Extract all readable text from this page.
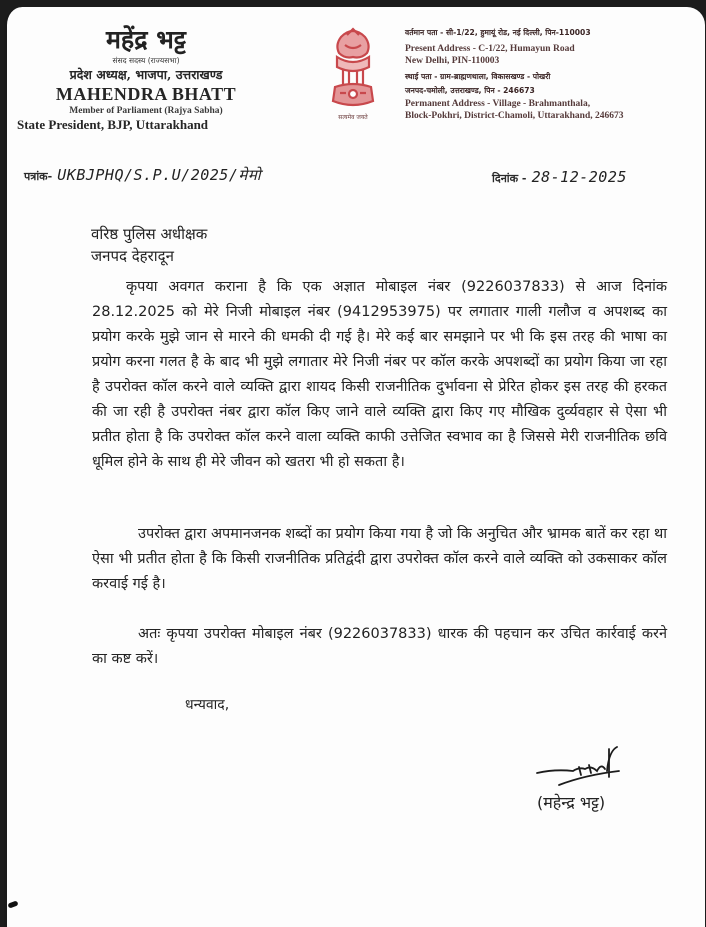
महेंद्र भट्ट
संसद सदस्य (राज्यसभा)
प्रदेश अध्यक्ष, भाजपा, उत्तराखण्ड
MAHENDRA BHATT
Member of Parliament (Rajya Sabha)
State President, BJP, Uttarakhand	सत्यमेव जयते
वर्तमान पता - सी-1/22, हुमायूं रोड, नई दिल्ली, पिन-110003
Present Address - C-1/22, Humayun Road
New Delhi, PIN-110003
स्थाई पता - ग्राम-ब्राह्मणथाला, विकासखण्ड - पोखरी
जनपद-चमोली, उत्तराखण्ड, पिन - 246673
Permanent Address - Village - Brahmanthala,
Block-Pokhri, District-Chamoli, Uttarakhand, 246673
पत्रांक- UKBJPHQ/S.P.U/2025/मेमो	दिनांक - 28-12-2025
वरिष्ठ पुलिस अधीक्षक
जनपद देहरादून

कृपया अवगत कराना है कि एक अज्ञात मोबाइल नंबर (9226037833) से आज दिनांक 28.12.2025 को मेरे निजी मोबाइल नंबर (9412953975) पर लगातार गाली गलौज व अपशब्द का प्रयोग करके मुझे जान से मारने की धमकी दी गई है। मेरे कई बार समझाने पर भी कि इस तरह की भाषा का प्रयोग करना गलत है के बाद भी मुझे लगातार मेरे निजी नंबर पर कॉल करके अपशब्दों का प्रयोग किया जा रहा है उपरोक्त कॉल करने वाले व्यक्ति द्वारा शायद किसी राजनीतिक दुर्भावना से प्रेरित होकर इस तरह की हरकत की जा रही है उपरोक्त नंबर द्वारा कॉल किए जाने वाले व्यक्ति द्वारा किए गए मौखिक दुर्व्यवहार से ऐसा भी प्रतीत होता है कि उपरोक्त कॉल करने वाला व्यक्ति काफी उत्तेजित स्वभाव का है जिससे मेरी राजनीतिक छवि धूमिल होने के साथ ही मेरे जीवन को खतरा भी हो सकता है।

उपरोक्त द्वारा अपमानजनक शब्दों का प्रयोग किया गया है जो कि अनुचित और भ्रामक बातें कर रहा था ऐसा भी प्रतीत होता है कि किसी राजनीतिक प्रतिद्वंदी द्वारा उपरोक्त कॉल करने वाले व्यक्ति को उकसाकर कॉल करवाई गई है।

अतः कृपया उपरोक्त मोबाइल नंबर (9226037833) धारक की पहचान कर उचित कार्रवाई करने का कष्ट करें।

धन्यवाद,
(महेन्द्र भट्ट)
